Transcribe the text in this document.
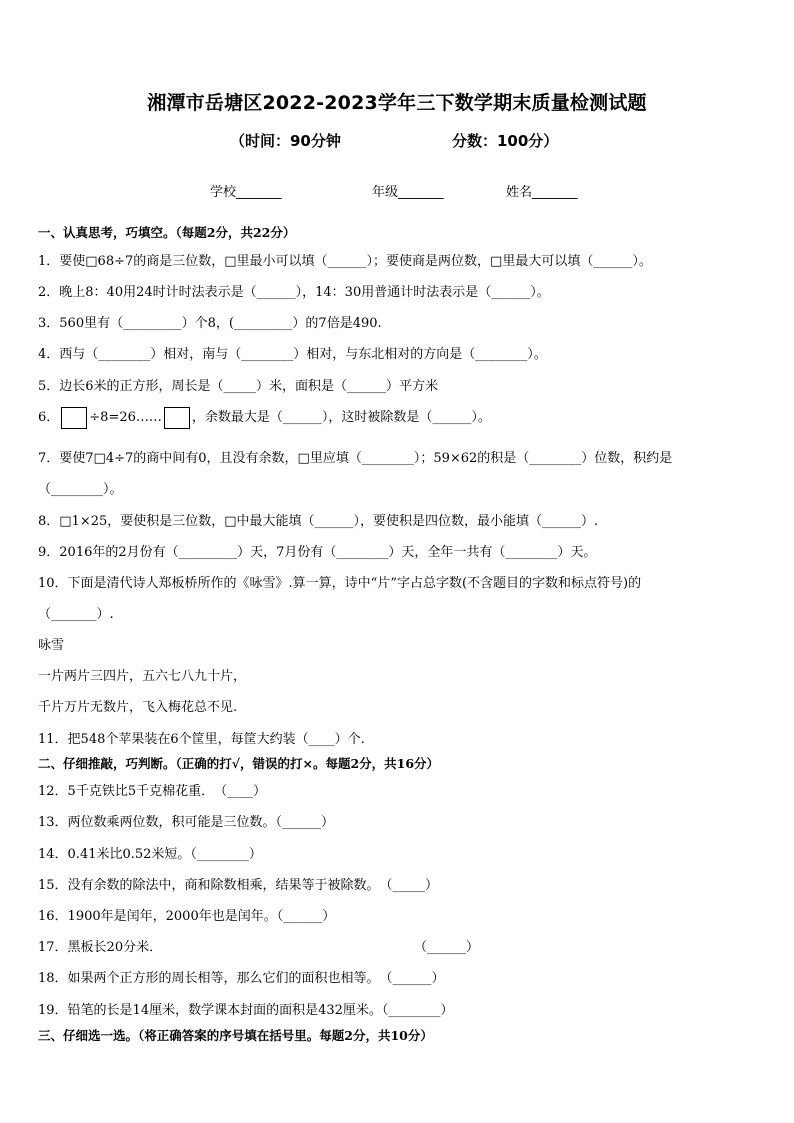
湘潭市岳塘区2022-2023学年三下数学期末质量检测试题
（时间：90分钟	分数：100分）
学校_______	年级_______	姓名_______
一、认真思考，巧填空。（每题2分，共22分）
1．要使□68÷7的商是三位数，□里最小可以填（______）；要使商是两位数，□里最大可以填（______）。
2．晚上8：40用24时计时法表示是（______），14：30用普通计时法表示是（______）。
3．560里有（_________）个8，(_________）的7倍是490.
4．西与（________）相对，南与（________）相对，与东北相对的方向是（________）。
5．边长6米的正方形，周长是（_____）米，面积是（______）平方米
6． ÷8=26…… ，余数最大是（______），这时被除数是（______）。
7．要使7□4÷7的商中间有0，且没有余数，□里应填（________）；59×62的积是（________）位数，积约是
（________）。
8．□1×25，要使积是三位数，□中最大能填（______），要使积是四位数，最小能填（______）.
9．2016年的2月份有（_________）天，7月份有（________）天，全年一共有（________）天。
10．下面是清代诗人郑板桥所作的《咏雪》.算一算，诗中“片”字占总字数(不含题目的字数和标点符号)的
（_______）.
咏雪
一片两片三四片，五六七八九十片，
千片万片无数片，飞入梅花总不见.
11．把548个苹果装在6个筐里，每筐大约装（____）个.
二、仔细推敲，巧判断。（正确的打√，错误的打×。每题2分，共16分）
12．5千克铁比5千克棉花重．　（____）
13．两位数乘两位数，积可能是三位数。（______）
14．0.41米比0.52米短。（________）
15．没有余数的除法中，商和除数相乘，结果等于被除数。　（_____）
16．1900年是闰年，2000年也是闰年。（______）
17．黑板长20分米．	（______）
18．如果两个正方形的周长相等，那么它们的面积也相等。　（______）
19．铅笔的长是14厘米，数学课本封面的面积是432厘米。（________）
三、仔细选一选。（将正确答案的序号填在括号里。每题2分，共10分）
